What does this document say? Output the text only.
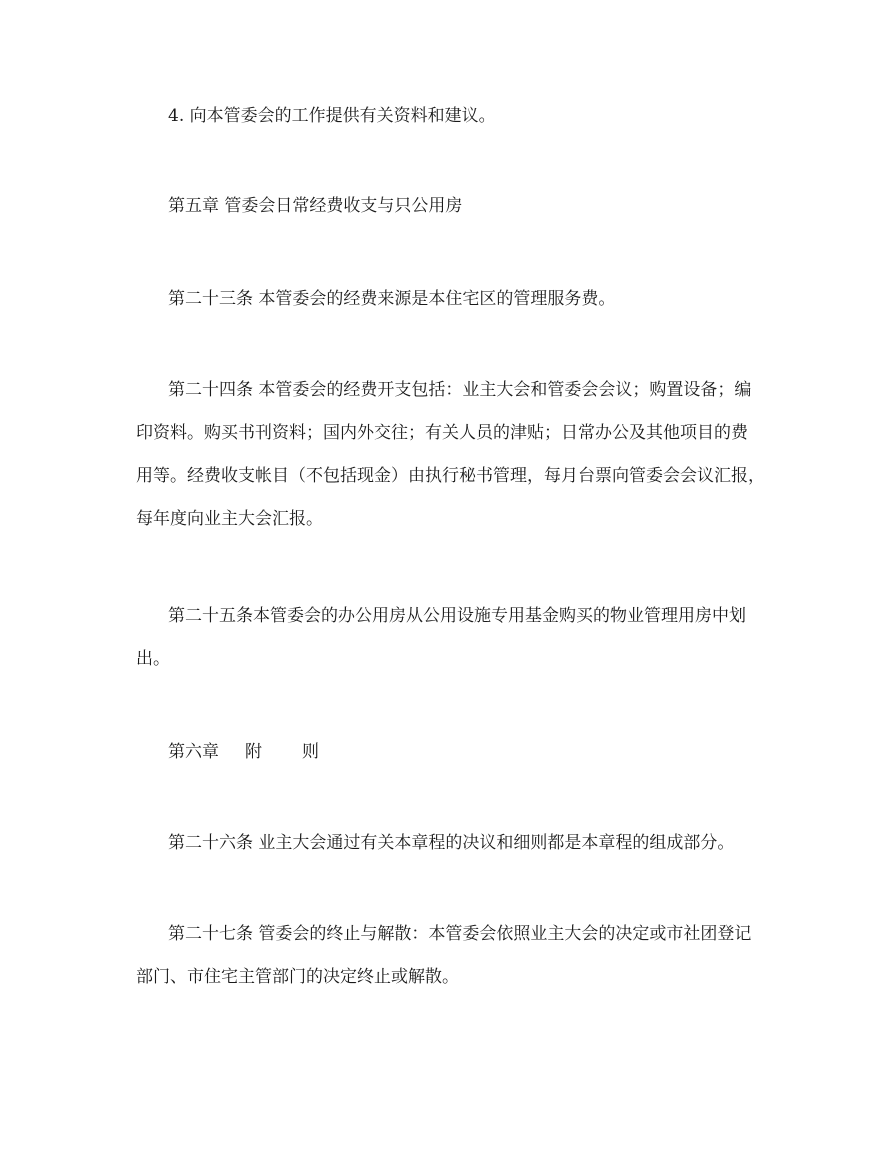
4. 向本管委会的工作提供有关资料和建议。

第五章 管委会日常经费收支与只公用房

第二十三条 本管委会的经费来源是本住宅区的管理服务费。

第二十四条 本管委会的经费开支包括：业主大会和管委会会议；购置设备；编
印资料。购买书刊资料；国内外交往；有关人员的津贴；日常办公及其他项目的费
用等。经费收支帐目（不包括现金）由执行秘书管理，每月台票向管委会会议汇报，
每年度向业主大会汇报。

第二十五条本管委会的办公用房从公用设施专用基金购买的物业管理用房中划
出。

第六章 附 则

第二十六条 业主大会通过有关本章程的决议和细则都是本章程的组成部分。

第二十七条 管委会的终止与解散：本管委会依照业主大会的决定或市社团登记
部门、市住宅主管部门的决定终止或解散。
